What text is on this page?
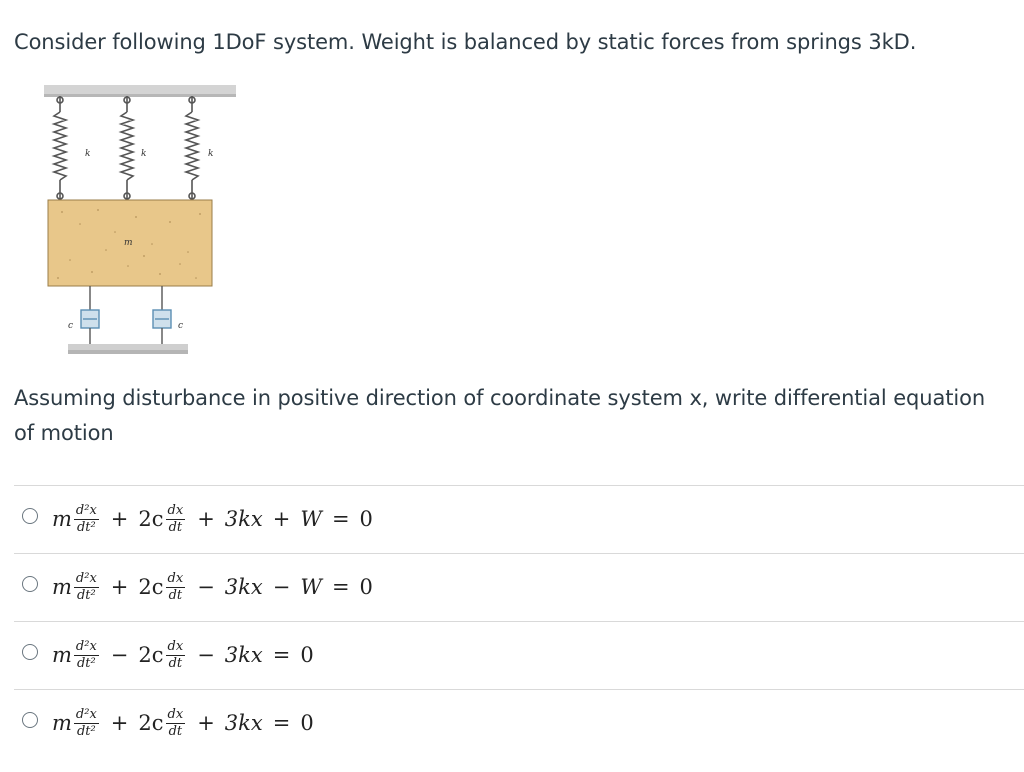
Consider following 1DoF system. Weight is balanced by static forces from springs 3kD.
k	k	k
m
c	c
Assuming disturbance in positive direction of coordinate system x, write differential equation of motion
m $\frac{\text{d²x}}{\text{dt²}} + 2c \frac{dx}{dt} + 3kx + W = 0$
m $\frac{\text{d²x}}{\text{dt²}} + 2c \frac{dx}{dt} - 3kx - W = 0$
m $\frac{\text{d²x}}{\text{dt²}} - 2c \frac{dx}{dt} - 3kx = 0$
m $\frac{\text{d²x}}{\text{dt²}} + 2c \frac{dx}{dt} + 3kx = 0$
